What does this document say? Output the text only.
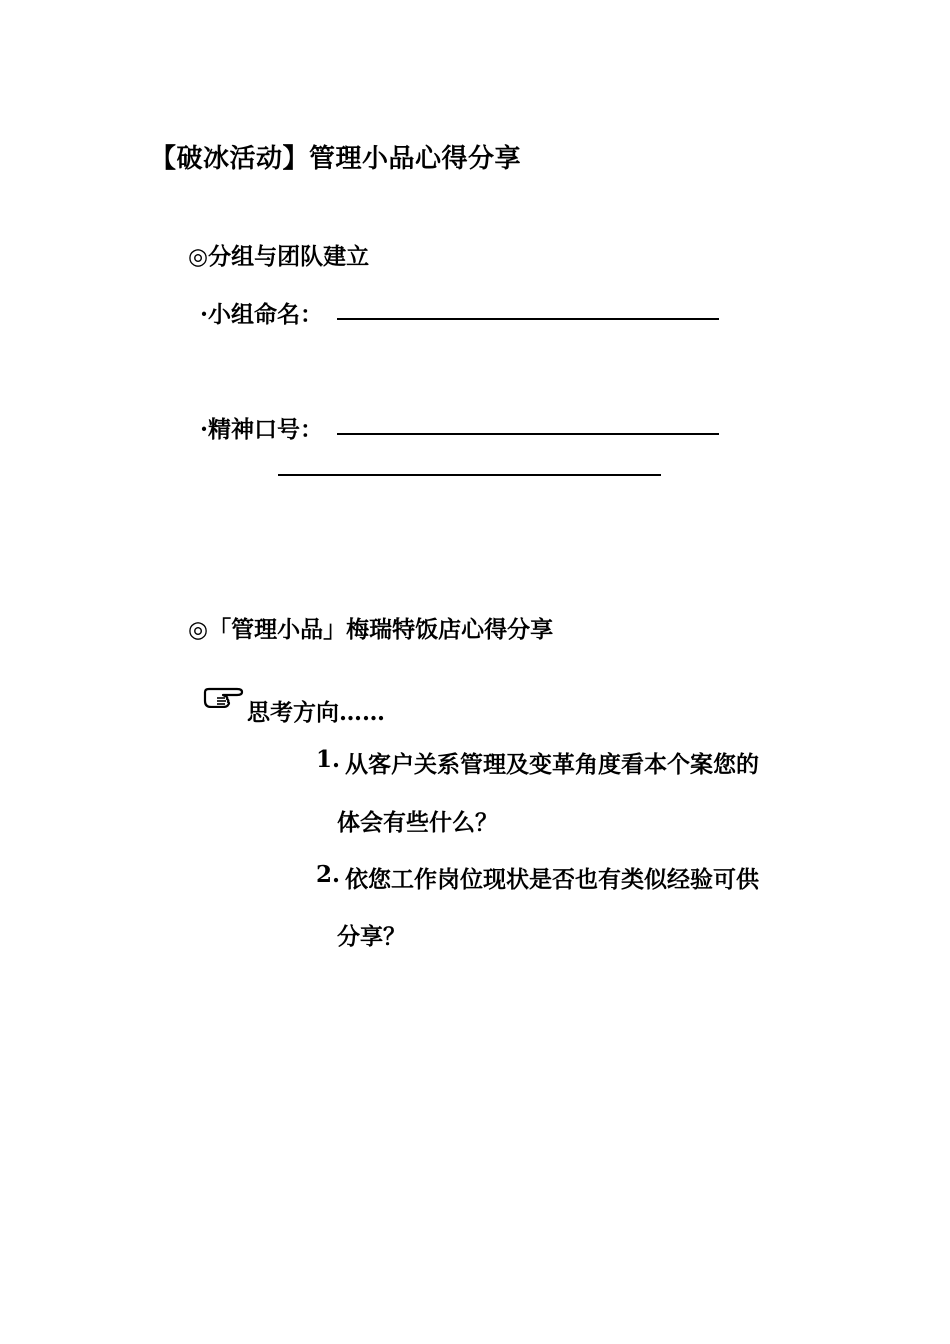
【破冰活动】管理小品心得分享
◎分组与团队建立
·小组命名：
·精神口号：
◎「管理小品」梅瑞特饭店心得分享
思考方向……
1. 从客户关系管理及变革角度看本个案您的
体会有些什么？
2. 依您工作岗位现状是否也有类似经验可供
分享？
